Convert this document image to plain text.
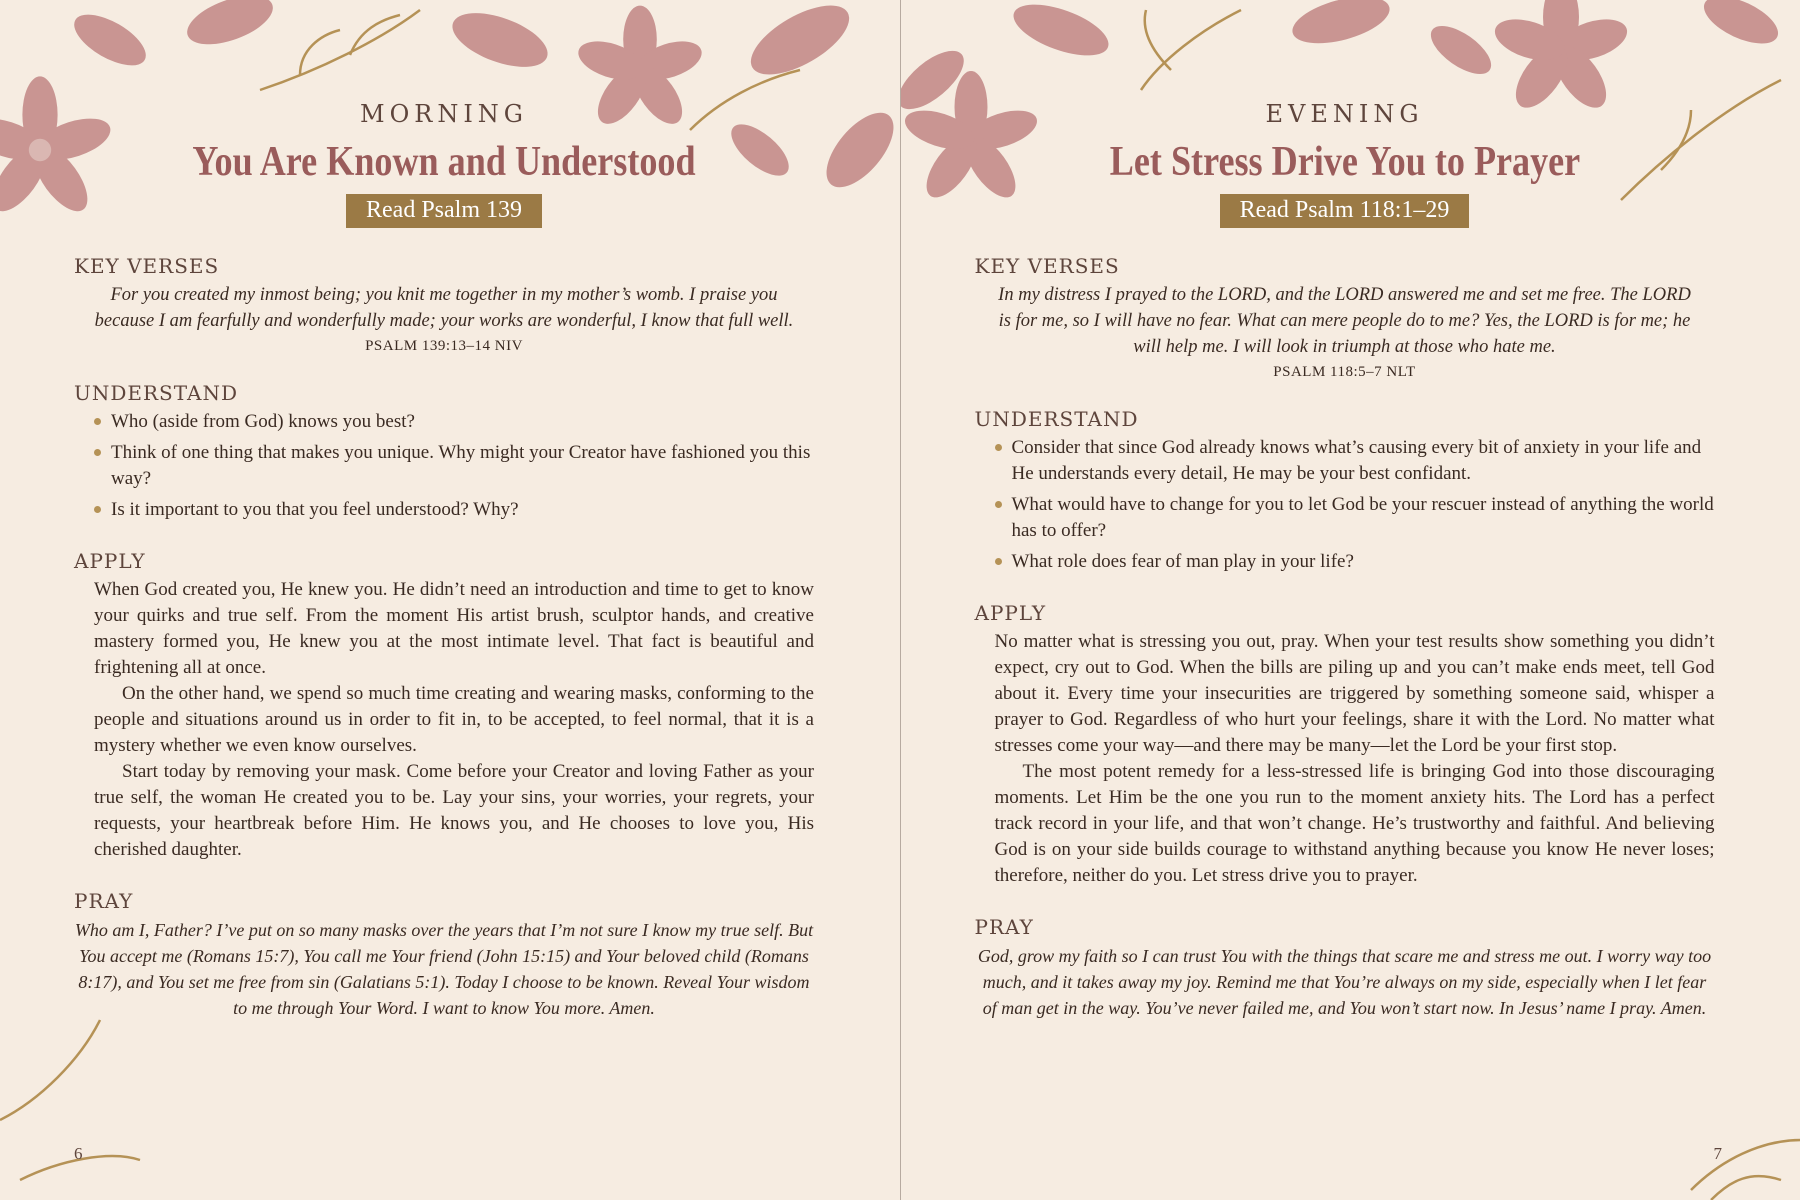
MORNING

You Are Known and Understood
Read Psalm 139
KEY VERSES
For you created my inmost being; you knit me together in my mother’s womb. I praise you because I am fearfully and wonderfully made; your works are wonderful, I know that full well.
PSALM 139:13–14 NIV
UNDERSTAND
Who (aside from God) knows you best?
Think of one thing that makes you unique. Why might your Creator have fashioned you this way?
Is it important to you that you feel understood? Why?
APPLY

When God created you, He knew you. He didn’t need an introduction and time to get to know your quirks and true self. From the moment His artist brush, sculptor hands, and creative mastery formed you, He knew you at the most intimate level. That fact is beautiful and frightening all at once.

On the other hand, we spend so much time creating and wearing masks, conforming to the people and situations around us in order to fit in, to be accepted, to feel normal, that it is a mystery whether we even know ourselves.

Start today by removing your mask. Come before your Creator and loving Father as your true self, the woman He created you to be. Lay your sins, your worries, your regrets, your requests, your heartbreak before Him. He knows you, and He chooses to love you, His cherished daughter.

PRAY
Who am I, Father? I’ve put on so many masks over the years that I’m not sure I know my true self. But You accept me (Romans 15:7), You call me Your friend (John 15:15) and Your beloved child (Romans 8:17), and You set me free from sin (Galatians 5:1). Today I choose to be known. Reveal Your wisdom to me through Your Word. I want to know You more. Amen.
6

EVENING

Let Stress Drive You to Prayer
Read Psalm 118:1–29
KEY VERSES
In my distress I prayed to the LORD, and the LORD answered me and set me free. The LORD is for me, so I will have no fear. What can mere people do to me? Yes, the LORD is for me; he will help me. I will look in triumph at those who hate me.
PSALM 118:5–7 NLT
UNDERSTAND
Consider that since God already knows what’s causing every bit of anxiety in your life and He understands every detail, He may be your best confidant.
What would have to change for you to let God be your rescuer instead of anything the world has to offer?
What role does fear of man play in your life?
APPLY

No matter what is stressing you out, pray. When your test results show something you didn’t expect, cry out to God. When the bills are piling up and you can’t make ends meet, tell God about it. Every time your insecurities are triggered by something someone said, whisper a prayer to God. Regardless of who hurt your feelings, share it with the Lord. No matter what stresses come your way—and there may be many—let the Lord be your first stop.

The most potent remedy for a less-stressed life is bringing God into those discouraging moments. Let Him be the one you run to the moment anxiety hits. The Lord has a perfect track record in your life, and that won’t change. He’s trustworthy and faithful. And believing God is on your side builds courage to withstand anything because you know He never loses; therefore, neither do you. Let stress drive you to prayer.

PRAY
God, grow my faith so I can trust You with the things that scare me and stress me out. I worry way too much, and it takes away my joy. Remind me that You’re always on my side, especially when I let fear of man get in the way. You’ve never failed me, and You won’t start now. In Jesus’ name I pray. Amen.
7
